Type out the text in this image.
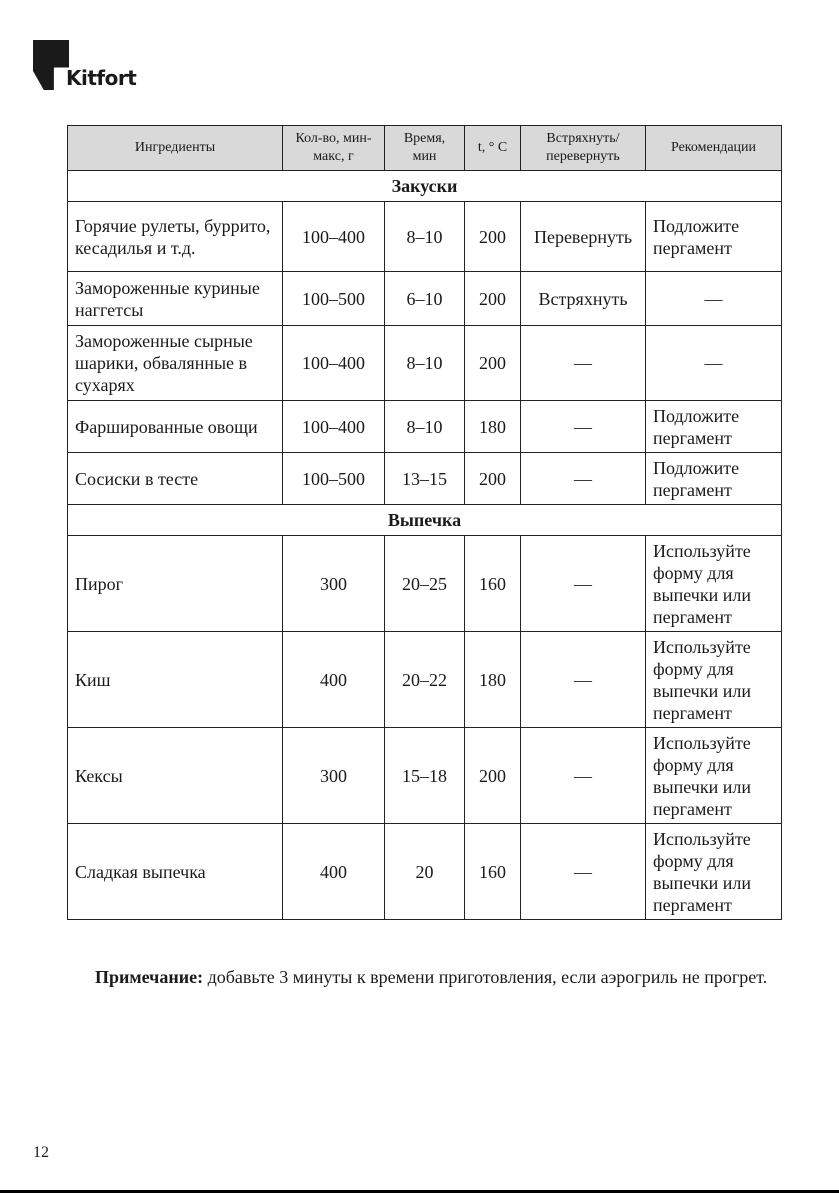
Kitfort
Ингредиенты	Кол-во, мин-макс, г	Время, мин	t, ° C	Встряхнуть/ перевернуть	Рекомендации
Закуски					
Горячие рулеты, буррито, кесадилья и т.д.	100–400	8–10	200	Перевернуть	Подложите пергамент
Замороженные куриные наггетсы	100–500	6–10	200	Встряхнуть	—
Замороженные сырные шарики, обвалянные в сухарях	100–400	8–10	200	—	—
Фаршированные овощи	100–400	8–10	180	—	Подложите пергамент
Сосиски в тесте	100–500	13–15	200	—	Подложите пергамент
Выпечка					
Пирог	300	20–25	160	—	Используйте форму для выпечки или пергамент
Киш	400	20–22	180	—	Используйте форму для выпечки или пергамент
Кексы	300	15–18	200	—	Используйте форму для выпечки или пергамент
Сладкая выпечка	400	20	160	—	Используйте форму для выпечки или пергамент

Примечание: добавьте 3 минуты к времени приготовления, если аэрогриль не прогрет.

12
